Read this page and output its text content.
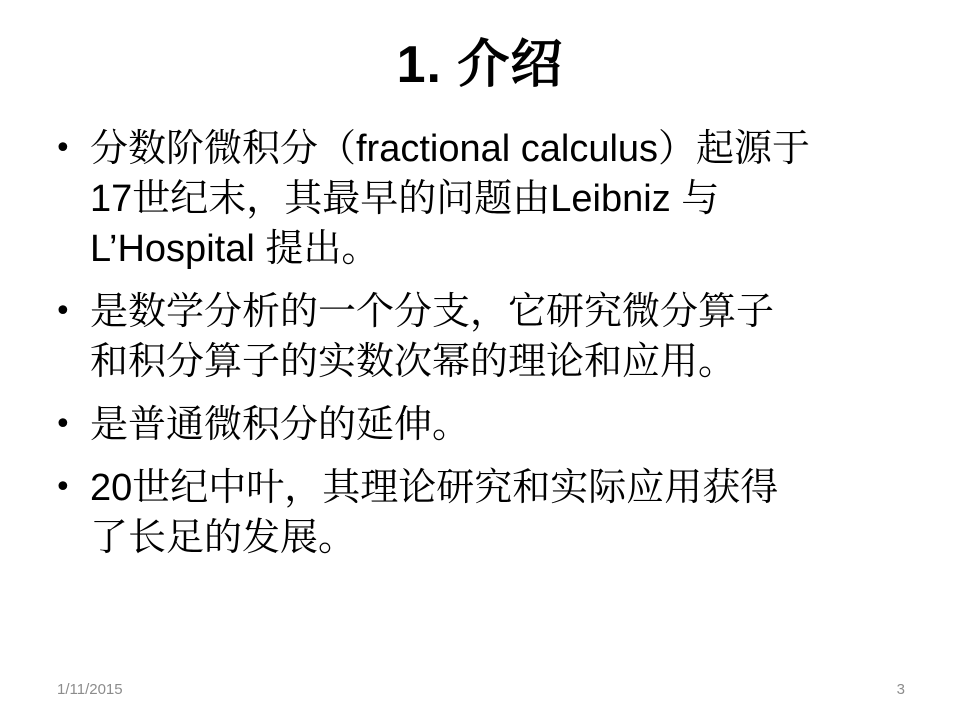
1. 介绍
• 分数阶微积分（fractional calculus）起源于
17世纪末，其最早的问题由Leibniz 与
L’Hospital 提出。
• 是数学分析的一个分支，它研究微分算子
和积分算子的实数次幂的理论和应用。
• 是普通微积分的延伸。
• 20世纪中叶，其理论研究和实际应用获得
了长足的发展。
1/11/2015	3
